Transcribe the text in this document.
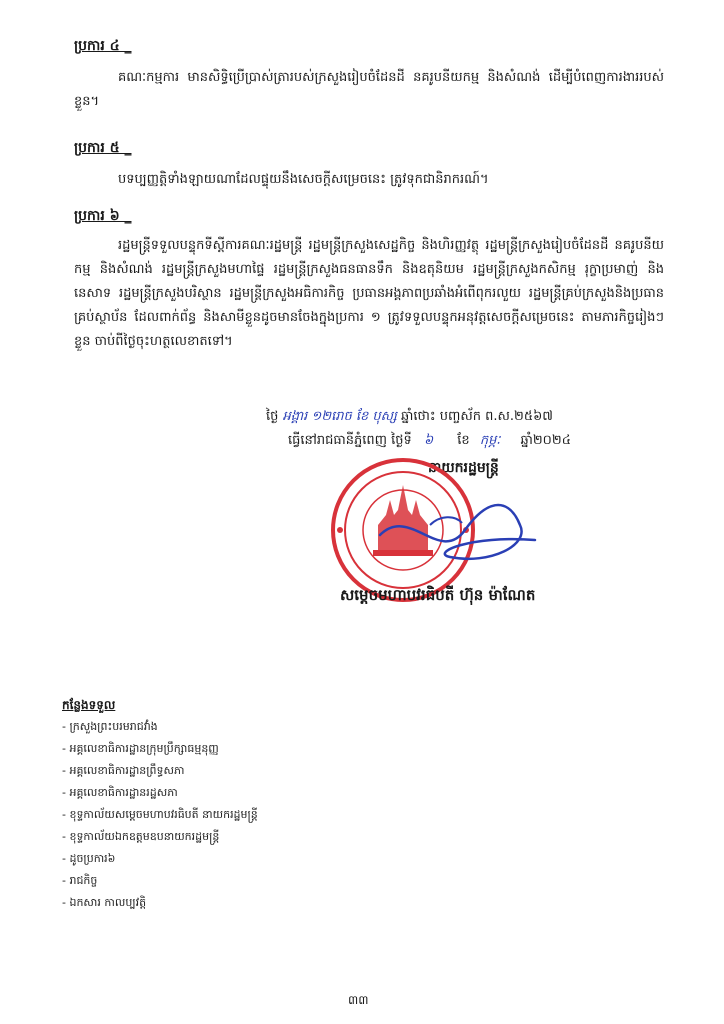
ប្រការ ៤ _
គណៈកម្មការ មានសិទ្ធិប្រើប្រាស់ត្រារបស់ក្រសួងរៀបចំដែនដី នគរូបនីយកម្ម និងសំណង់ ដើម្បីបំពេញការងាររបស់ខ្លួន។
ប្រការ ៥ _
បទប្បញ្ញត្តិទាំងឡាយណាដែលផ្ទុយនឹងសេចក្តីសម្រេចនេះ ត្រូវទុកជានិរាករណ៍។
ប្រការ ៦ _
រដ្ឋមន្ត្រីទទួលបន្ទុកទីស្តីការគណៈរដ្ឋមន្ត្រី រដ្ឋមន្ត្រីក្រសួងសេដ្ឋកិច្ច និងហិរញ្ញវត្ថុ រដ្ឋមន្ត្រីក្រសួងរៀបចំដែនដី នគរូបនីយកម្ម និងសំណង់ រដ្ឋមន្ត្រីក្រសួងមហាផ្ទៃ រដ្ឋមន្ត្រីក្រសួងធនធានទឹក និងឧតុនិយម រដ្ឋមន្ត្រីក្រសួងកសិកម្ម រុក្ខាប្រមាញ់ និងនេសាទ រដ្ឋមន្ត្រីក្រសួងបរិស្ថាន រដ្ឋមន្ត្រីក្រសួងអធិការកិច្ច ប្រធានអង្គភាពប្រឆាំងអំពើពុករលួយ រដ្ឋមន្ត្រីគ្រប់ក្រសួងនិងប្រធានគ្រប់ស្ថាប័ន ដែលពាក់ព័ន្ធ និងសាមីខ្លួនដូចមានចែងក្នុងប្រការ ១ ត្រូវទទួលបន្ទុកអនុវត្តសេចក្តីសម្រេចនេះ តាមភារកិច្ចរៀងៗខ្លួន ចាប់ពីថ្ងៃចុះហត្ថលេខាតទៅ។
ថ្ងៃ អង្គារ ១២រោច ខែ បុស្ស ឆ្នាំថោះ បញ្ចស័ក ព.ស.២៥៦៧
ធ្វើនៅរាជធានីភ្នំពេញ ថ្ងៃទី ៦ ខែ កុម្ភៈ ឆ្នាំ២០២៤
នាយករដ្ឋមន្ត្រី
សម្តេចមហាបវរធិបតី ហ៊ុន ម៉ាណែត
កន្លែងទទួល
- ក្រសួងព្រះបរមរាជវាំង
- អគ្គលេខាធិការដ្ឋានក្រុមប្រឹក្សាធម្មនុញ្ញ
- អគ្គលេខាធិការដ្ឋានព្រឹទ្ធសភា
- អគ្គលេខាធិការដ្ឋានរដ្ឋសភា
- ខុទ្ទកាល័យសម្តេចមហាបវរធិបតី នាយករដ្ឋមន្ត្រី
- ខុទ្ទកាល័យឯកឧត្តមឧបនាយករដ្ឋមន្ត្រី
- ដូចប្រការ៦
- រាជកិច្ច
- ឯកសារ កាលប្បវត្តិ
៣៣
